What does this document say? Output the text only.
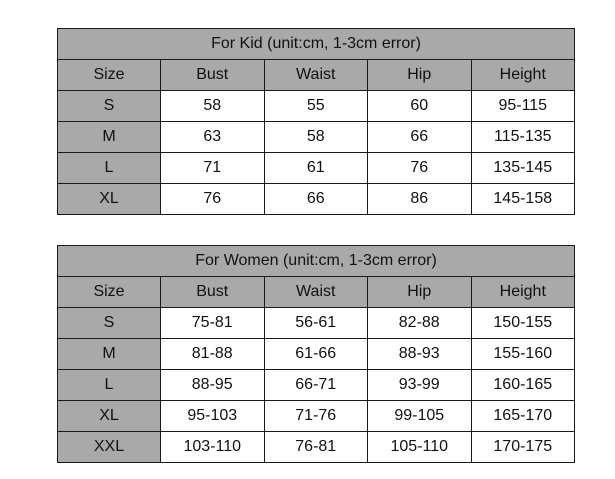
For Kid (unit:cm, 1-3cm error)				
Size	Bust	Waist	Hip	Height
S	58	55	60	95-115
M	63	58	66	115-135
L	71	61	76	135-145
XL	76	66	86	145-158
For Women (unit:cm, 1-3cm error)				
Size	Bust	Waist	Hip	Height
S	75-81	56-61	82-88	150-155
M	81-88	61-66	88-93	155-160
L	88-95	66-71	93-99	160-165
XL	95-103	71-76	99-105	165-170
XXL	103-110	76-81	105-110	170-175
